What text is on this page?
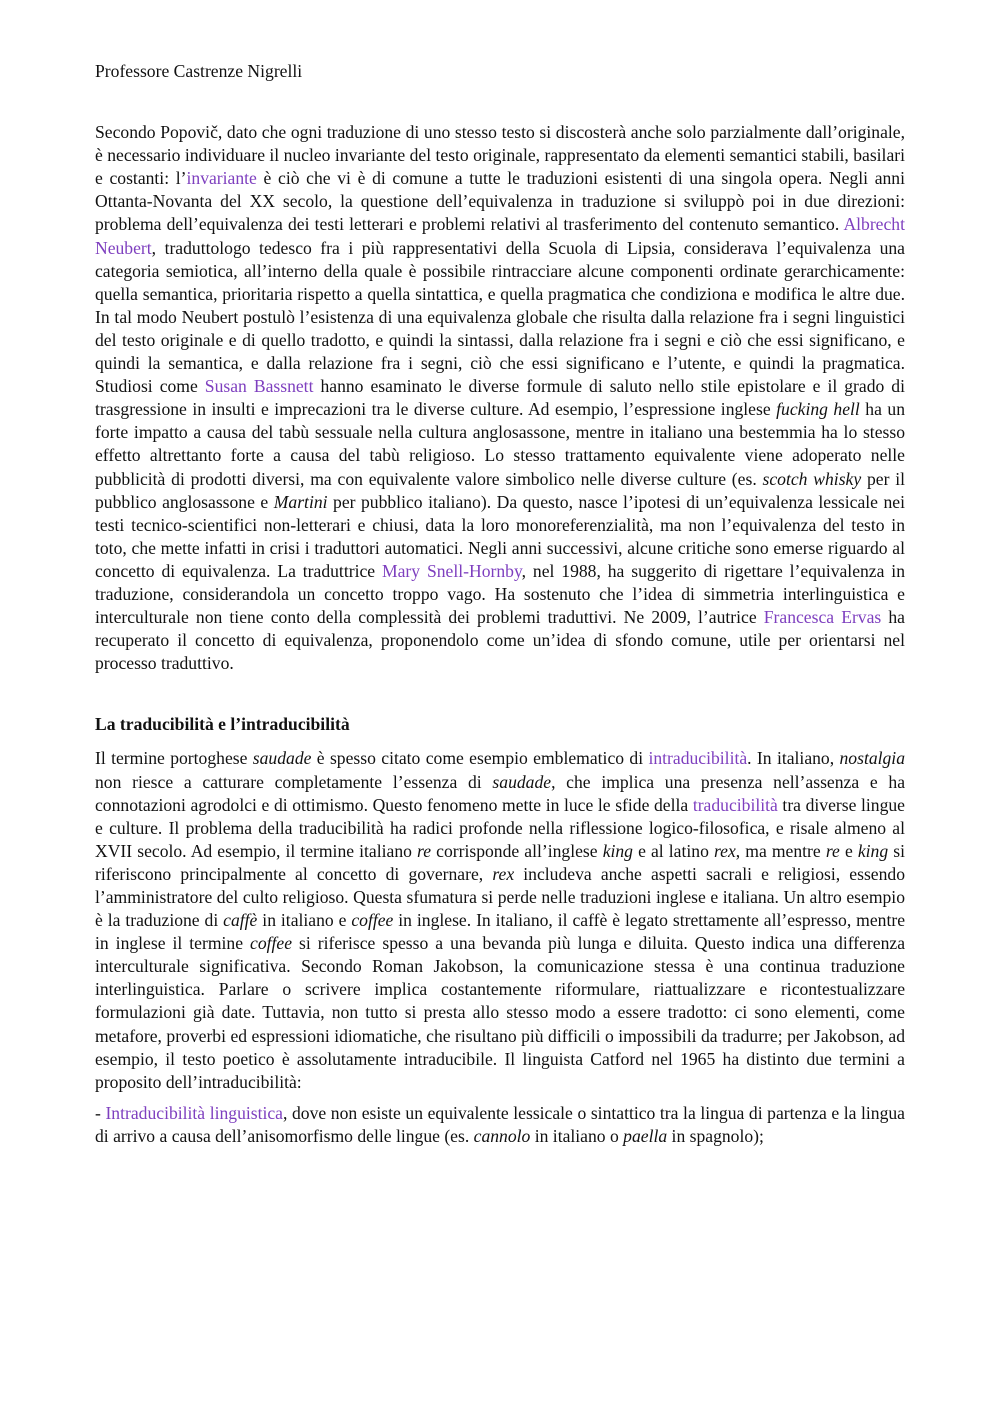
Professore Castrenze Nigrelli

Secondo Popovič, dato che ogni traduzione di uno stesso testo si discosterà anche solo parzialmente dall’originale, è necessario individuare il nucleo invariante del testo originale, rappresentato da elementi semantici stabili, basilari e costanti: l’invariante è ciò che vi è di comune a tutte le traduzioni esistenti di una singola opera. Negli anni Ottanta-Novanta del XX secolo, la questione dell’equivalenza in traduzione si sviluppò poi in due direzioni: problema dell’equivalenza dei testi letterari e problemi relativi al trasferimento del contenuto semantico. Albrecht Neubert, traduttologo tedesco fra i più rappresentativi della Scuola di Lipsia, considerava l’equivalenza una categoria semiotica, all’interno della quale è possibile rintracciare alcune componenti ordinate gerarchicamente: quella semantica, prioritaria rispetto a quella sintattica, e quella pragmatica che condiziona e modifica le altre due. In tal modo Neubert postulò l’esistenza di una equivalenza globale che risulta dalla relazione fra i segni linguistici del testo originale e di quello tradotto, e quindi la sintassi, dalla relazione fra i segni e ciò che essi significano, e quindi la semantica, e dalla relazione fra i segni, ciò che essi significano e l’utente, e quindi la pragmatica. Studiosi come Susan Bassnett hanno esaminato le diverse formule di saluto nello stile epistolare e il grado di trasgressione in insulti e imprecazioni tra le diverse culture. Ad esempio, l’espressione inglese fucking hell ha un forte impatto a causa del tabù sessuale nella cultura anglosassone, mentre in italiano una bestemmia ha lo stesso effetto altrettanto forte a causa del tabù religioso. Lo stesso trattamento equivalente viene adoperato nelle pubblicità di prodotti diversi, ma con equivalente valore simbolico nelle diverse culture (es. scotch whisky per il pubblico anglosassone e Martini per pubblico italiano). Da questo, nasce l’ipotesi di un’equivalenza lessicale nei testi tecnico-scientifici non-letterari e chiusi, data la loro monoreferenzialità, ma non l’equivalenza del testo in toto, che mette infatti in crisi i traduttori automatici. Negli anni successivi, alcune critiche sono emerse riguardo al concetto di equivalenza. La traduttrice Mary Snell-Hornby, nel 1988, ha suggerito di rigettare l’equivalenza in traduzione, considerandola un concetto troppo vago. Ha sostenuto che l’idea di simmetria interlinguistica e interculturale non tiene conto della complessità dei problemi traduttivi. Ne 2009, l’autrice Francesca Ervas ha recuperato il concetto di equivalenza, proponendolo come un’idea di sfondo comune, utile per orientarsi nel processo traduttivo.

La traducibilità e l’intraducibilità

Il termine portoghese saudade è spesso citato come esempio emblematico di intraducibilità. In italiano, nostalgia non riesce a catturare completamente l’essenza di saudade, che implica una presenza nell’assenza e ha connotazioni agrodolci e di ottimismo. Questo fenomeno mette in luce le sfide della traducibilità tra diverse lingue e culture. Il problema della traducibilità ha radici profonde nella riflessione logico-filosofica, e risale almeno al XVII secolo. Ad esempio, il termine italiano re corrisponde all’inglese king e al latino rex, ma mentre re e king si riferiscono principalmente al concetto di governare, rex includeva anche aspetti sacrali e religiosi, essendo l’amministratore del culto religioso. Questa sfumatura si perde nelle traduzioni inglese e italiana. Un altro esempio è la traduzione di caffè in italiano e coffee in inglese. In italiano, il caffè è legato strettamente all’espresso, mentre in inglese il termine coffee si riferisce spesso a una bevanda più lunga e diluita. Questo indica una differenza interculturale significativa. Secondo Roman Jakobson, la comunicazione stessa è una continua traduzione interlinguistica. Parlare o scrivere implica costantemente riformulare, riattualizzare e ricontestualizzare formulazioni già date. Tuttavia, non tutto si presta allo stesso modo a essere tradotto: ci sono elementi, come metafore, proverbi ed espressioni idiomatiche, che risultano più difficili o impossibili da tradurre; per Jakobson, ad esempio, il testo poetico è assolutamente intraducibile. Il linguista Catford nel 1965 ha distinto due termini a proposito dell’intraducibilità:

- Intraducibilità linguistica, dove non esiste un equivalente lessicale o sintattico tra la lingua di partenza e la lingua di arrivo a causa dell’anisomorfismo delle lingue (es. cannolo in italiano o paella in spagnolo);
